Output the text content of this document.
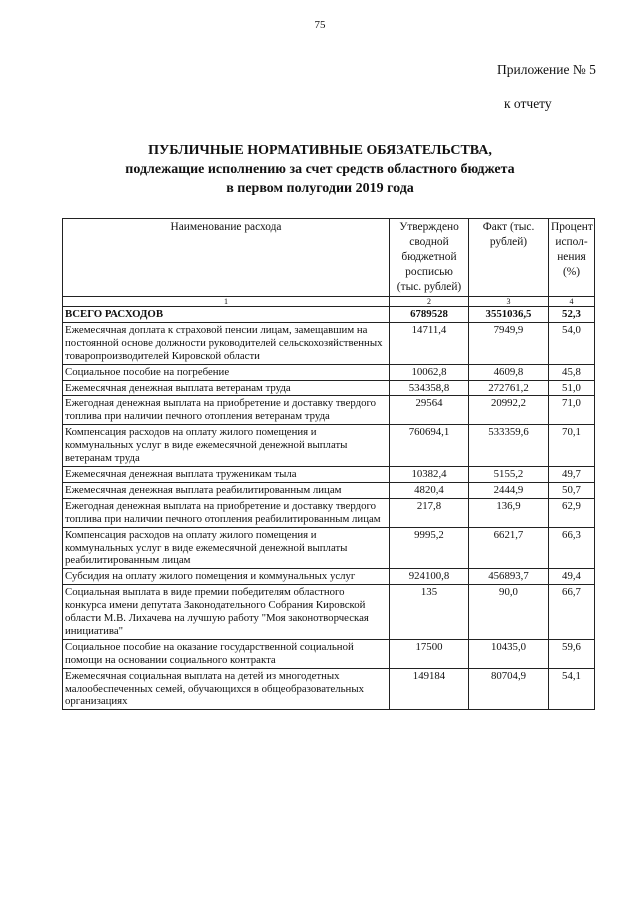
75
Приложение № 5
к отчету
ПУБЛИЧНЫЕ НОРМАТИВНЫЕ ОБЯЗАТЕЛЬСТВА,
подлежащие исполнению за счет средств областного бюджета
в первом полугодии 2019 года
Наименование расхода	Утверждено сводной бюджетной росписью (тыс. рублей)	Факт (тыс. рублей)	Процент испол- нения (%)
1	2	3	4
ВСЕГО РАСХОДОВ	6789528	3551036,5	52,3
Ежемесячная доплата к страховой пенсии лицам, замещавшим на постоянной основе должности руководителей сельскохозяйственных товаропроизводителей Кировской области	14711,4	7949,9	54,0
Социальное пособие на погребение	10062,8	4609,8	45,8
Ежемесячная денежная выплата ветеранам труда	534358,8	272761,2	51,0
Ежегодная денежная выплата на приобретение и доставку твердого топлива при наличии печного отопления ветеранам труда	29564	20992,2	71,0
Компенсация расходов на оплату жилого помещения и коммунальных услуг в виде ежемесячной денежной выплаты ветеранам труда	760694,1	533359,6	70,1
Ежемесячная денежная выплата труженикам тыла	10382,4	5155,2	49,7
Ежемесячная денежная выплата реабилитированным лицам	4820,4	2444,9	50,7
Ежегодная денежная выплата на приобретение и доставку твердого топлива при наличии печного отопления реабилитированным лицам	217,8	136,9	62,9
Компенсация расходов на оплату жилого помещения и коммунальных услуг в виде ежемесячной денежной выплаты реабилитированным лицам	9995,2	6621,7	66,3
Субсидия на оплату жилого помещения и коммунальных услуг	924100,8	456893,7	49,4
Социальная выплата в виде премии победителям областного конкурса имени депутата Законодательного Собрания Кировской области М.В. Лихачева на лучшую работу "Моя законотворческая инициатива"	135	90,0	66,7
Социальное пособие на оказание государственной социальной помощи на основании социального контракта	17500	10435,0	59,6
Ежемесячная социальная выплата на детей из многодетных малообеспеченных семей, обучающихся в общеобразовательных организациях	149184	80704,9	54,1
